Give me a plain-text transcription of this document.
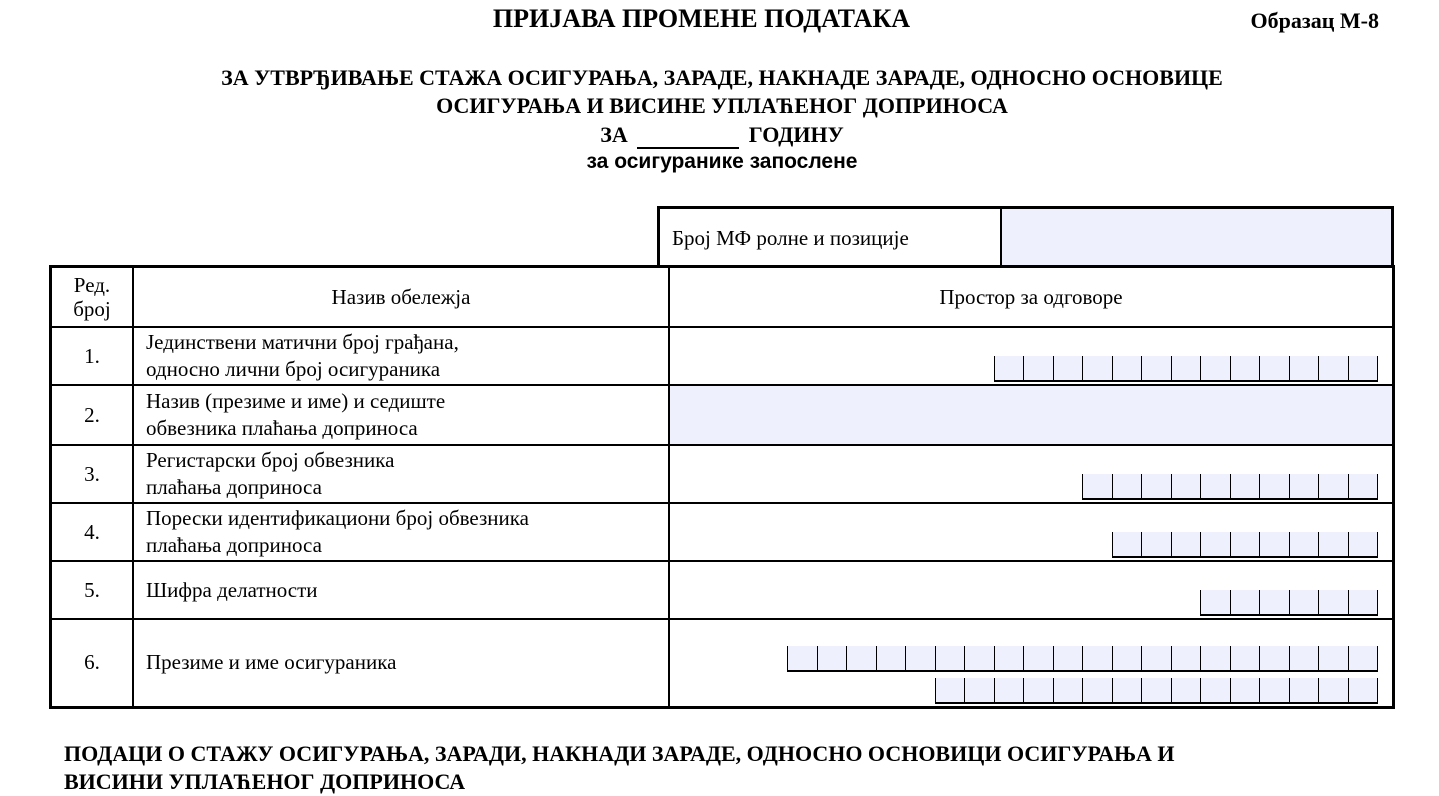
ПРИЈАВА ПРОМЕНЕ ПОДАТАКА	Образац М-8
ЗА УТВРЂИВАЊЕ СТАЖА ОСИГУРАЊА, ЗАРАДЕ, НАКНАДЕ ЗАРАДЕ, ОДНОСНО ОСНОВИЦЕ
ОСИГУРАЊА И ВИСИНЕ УПЛАЋЕНОГ ДОПРИНОСА
ЗА	ГОДИНУ
за осигуранике запослене
Број МФ ролне и позиције
Ред.
број	Назив обележја	Простор за одговоре
1.	Јединствени матични број грађана,
односно лични број осигураника	

2.	Назив (презиме и име) и седиште
обвезника плаћања доприноса	

3.	Регистарски број обвезника
плаћања доприноса	

4.	Порески идентификациони број обвезника
плаћања доприноса	

5.	Шифра делатности	

6.	Презиме и име осигураника	

ПОДАЦИ О СТАЖУ ОСИГУРАЊА, ЗАРАДИ, НАКНАДИ ЗАРАДЕ, ОДНОСНО ОСНОВИЦИ ОСИГУРАЊА И
ВИСИНИ УПЛАЋЕНОГ ДОПРИНОСА
